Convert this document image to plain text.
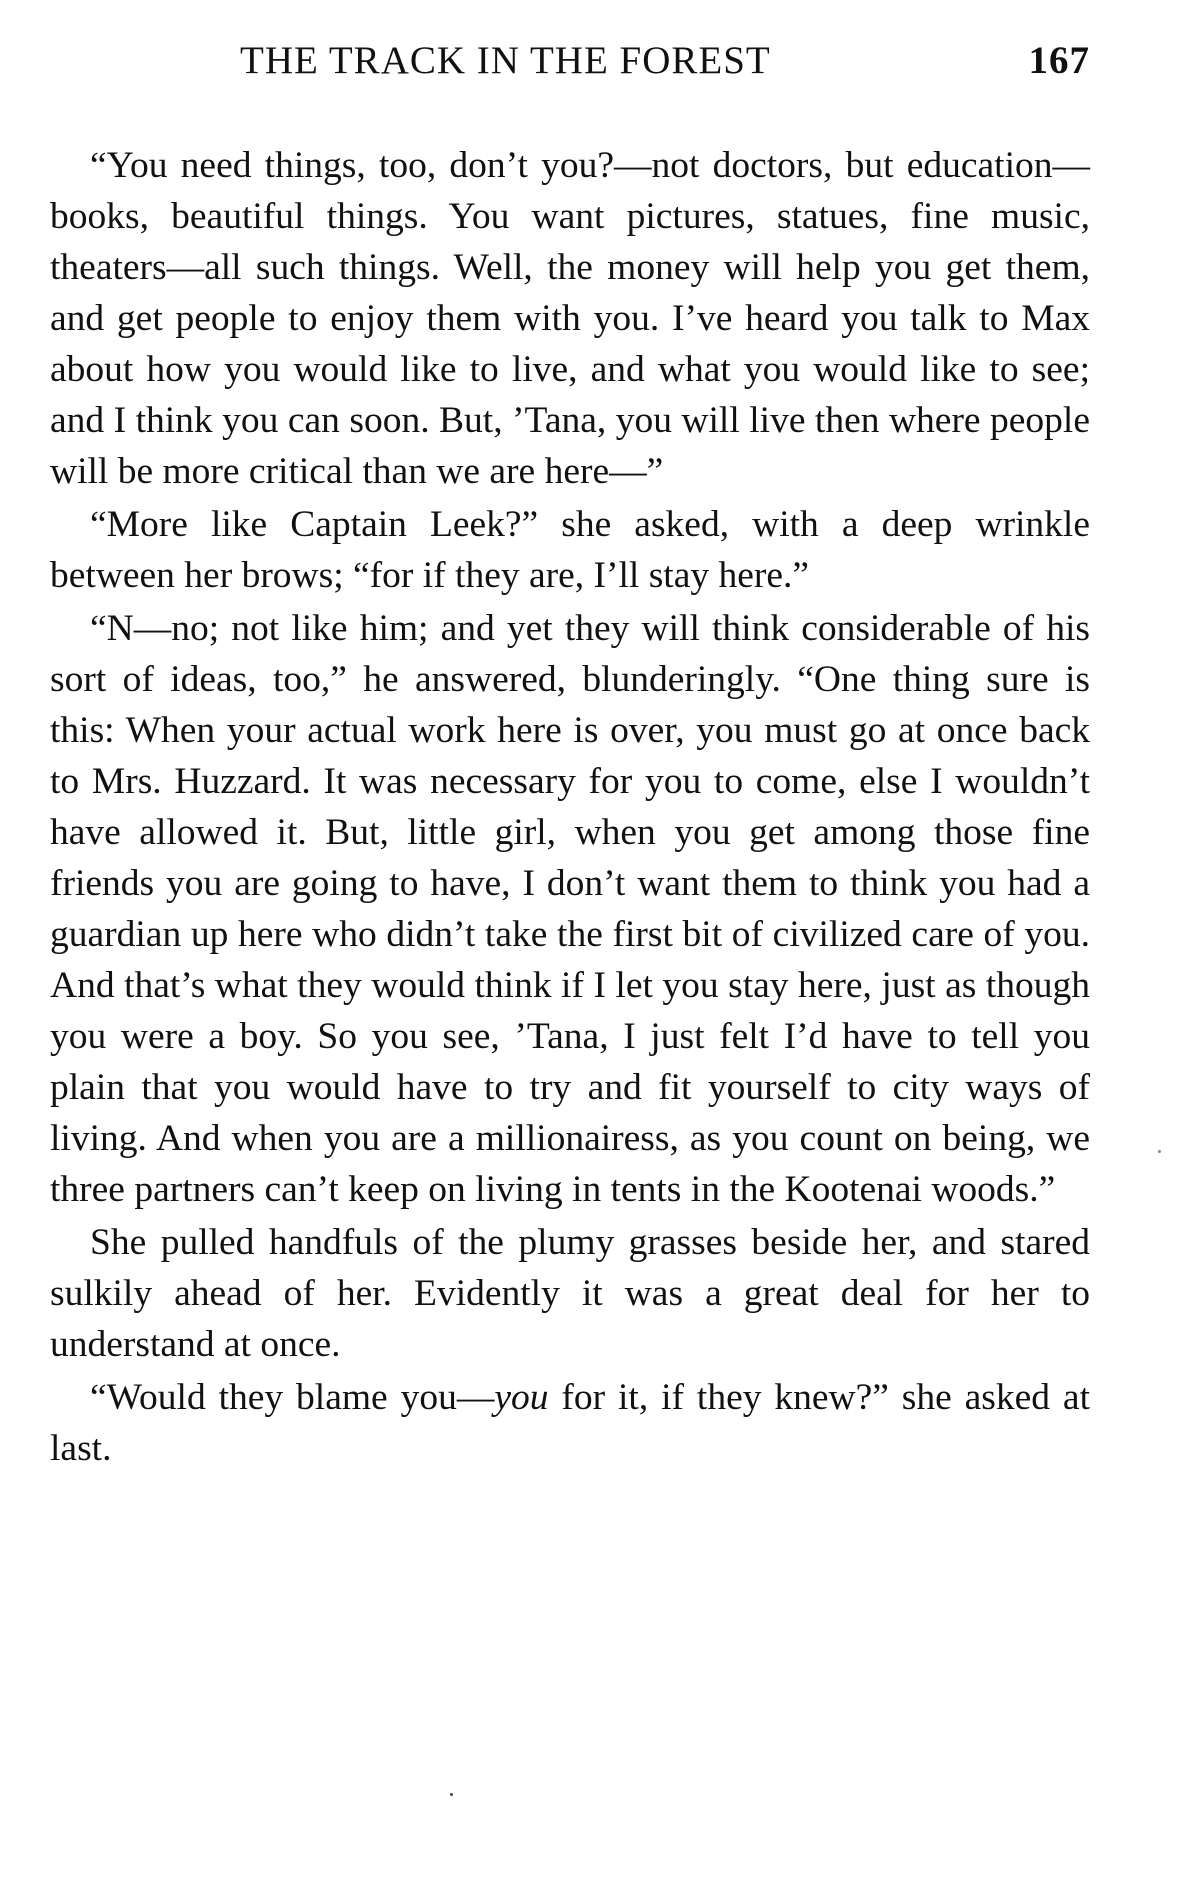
THE TRACK IN THE FOREST	167

“You need things, too, don’t you?—not doctors, but education—books, beautiful things. You want pictures, statues, fine music, theaters—all such things. Well, the money will help you get them, and get people to enjoy them with you. I’ve heard you talk to Max about how you would like to live, and what you would like to see; and I think you can soon. But, ’Tana, you will live then where people will be more critical than we are here—”

“More like Captain Leek?” she asked, with a deep wrinkle between her brows; “for if they are, I’ll stay here.”

“N—no; not like him; and yet they will think considerable of his sort of ideas, too,” he answered, blunderingly. “One thing sure is this: When your actual work here is over, you must go at once back to Mrs. Huzzard. It was necessary for you to come, else I wouldn’t have allowed it. But, little girl, when you get among those fine friends you are going to have, I don’t want them to think you had a guardian up here who didn’t take the first bit of civilized care of you. And that’s what they would think if I let you stay here, just as though you were a boy. So you see, ’Tana, I just felt I’d have to tell you plain that you would have to try and fit yourself to city ways of living. And when you are a millionairess, as you count on being, we three partners can’t keep on living in tents in the Kootenai woods.”

She pulled handfuls of the plumy grasses beside her, and stared sulkily ahead of her. Evidently it was a great deal for her to understand at once.

“Would they blame you—you for it, if they knew?” she asked at last.
